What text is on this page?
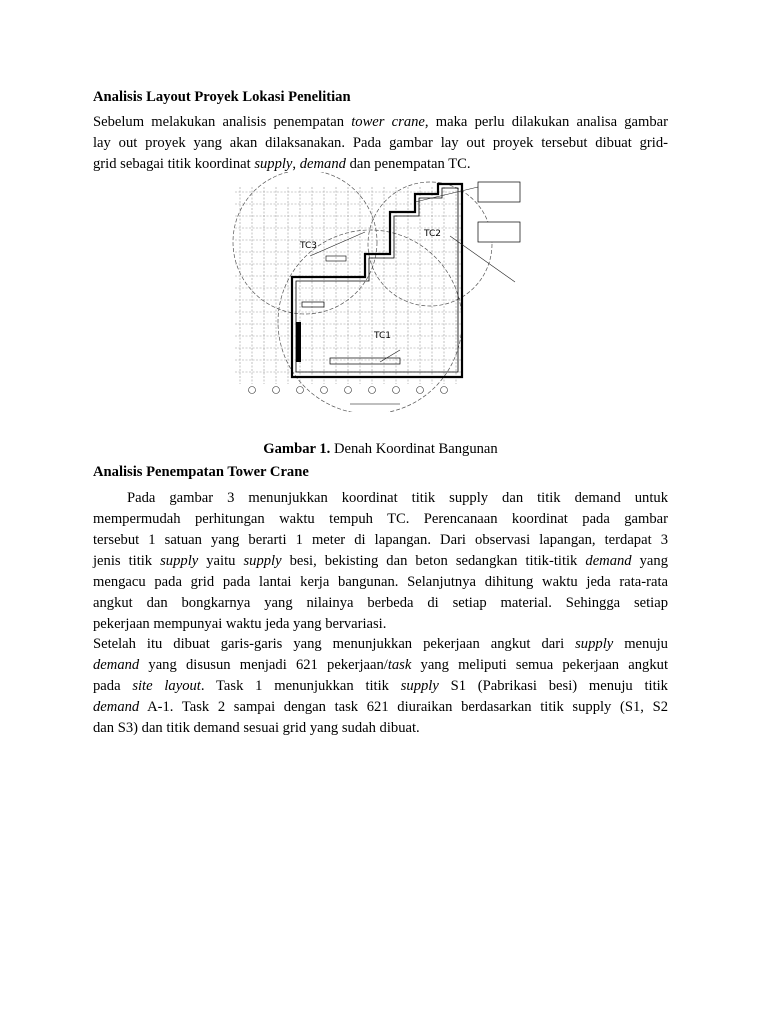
Analisis Layout Proyek Lokasi Penelitian
Sebelum melakukan analisis penempatan tower crane, maka perlu dilakukan analisa gambar
lay out proyek yang akan dilaksanakan. Pada gambar lay out proyek tersebut dibuat grid-
grid sebagai titik koordinat supply, demand dan penempatan TC.
TC3
TC2
TC1
Gambar 1. Denah Koordinat Bangunan
Analisis Penempatan Tower Crane
Pada gambar 3 menunjukkan koordinat titik supply dan titik demand untuk
mempermudah perhitungan waktu tempuh TC. Perencanaan koordinat pada gambar
tersebut 1 satuan yang berarti 1 meter di lapangan. Dari observasi lapangan, terdapat 3
jenis titik supply yaitu supply besi, bekisting dan beton sedangkan titik-titik demand yang
mengacu pada grid pada lantai kerja bangunan. Selanjutnya dihitung waktu jeda rata-rata
angkut dan bongkarnya yang nilainya berbeda di setiap material. Sehingga setiap
pekerjaan mempunyai waktu jeda yang bervariasi.
Setelah itu dibuat garis-garis yang menunjukkan pekerjaan angkut dari supply menuju
demand yang disusun menjadi 621 pekerjaan/task yang meliputi semua pekerjaan angkut
pada site layout. Task 1 menunjukkan titik supply S1 (Pabrikasi besi) menuju titik
demand A-1. Task 2 sampai dengan task 621 diuraikan berdasarkan titik supply (S1, S2
dan S3) dan titik demand sesuai grid yang sudah dibuat.
